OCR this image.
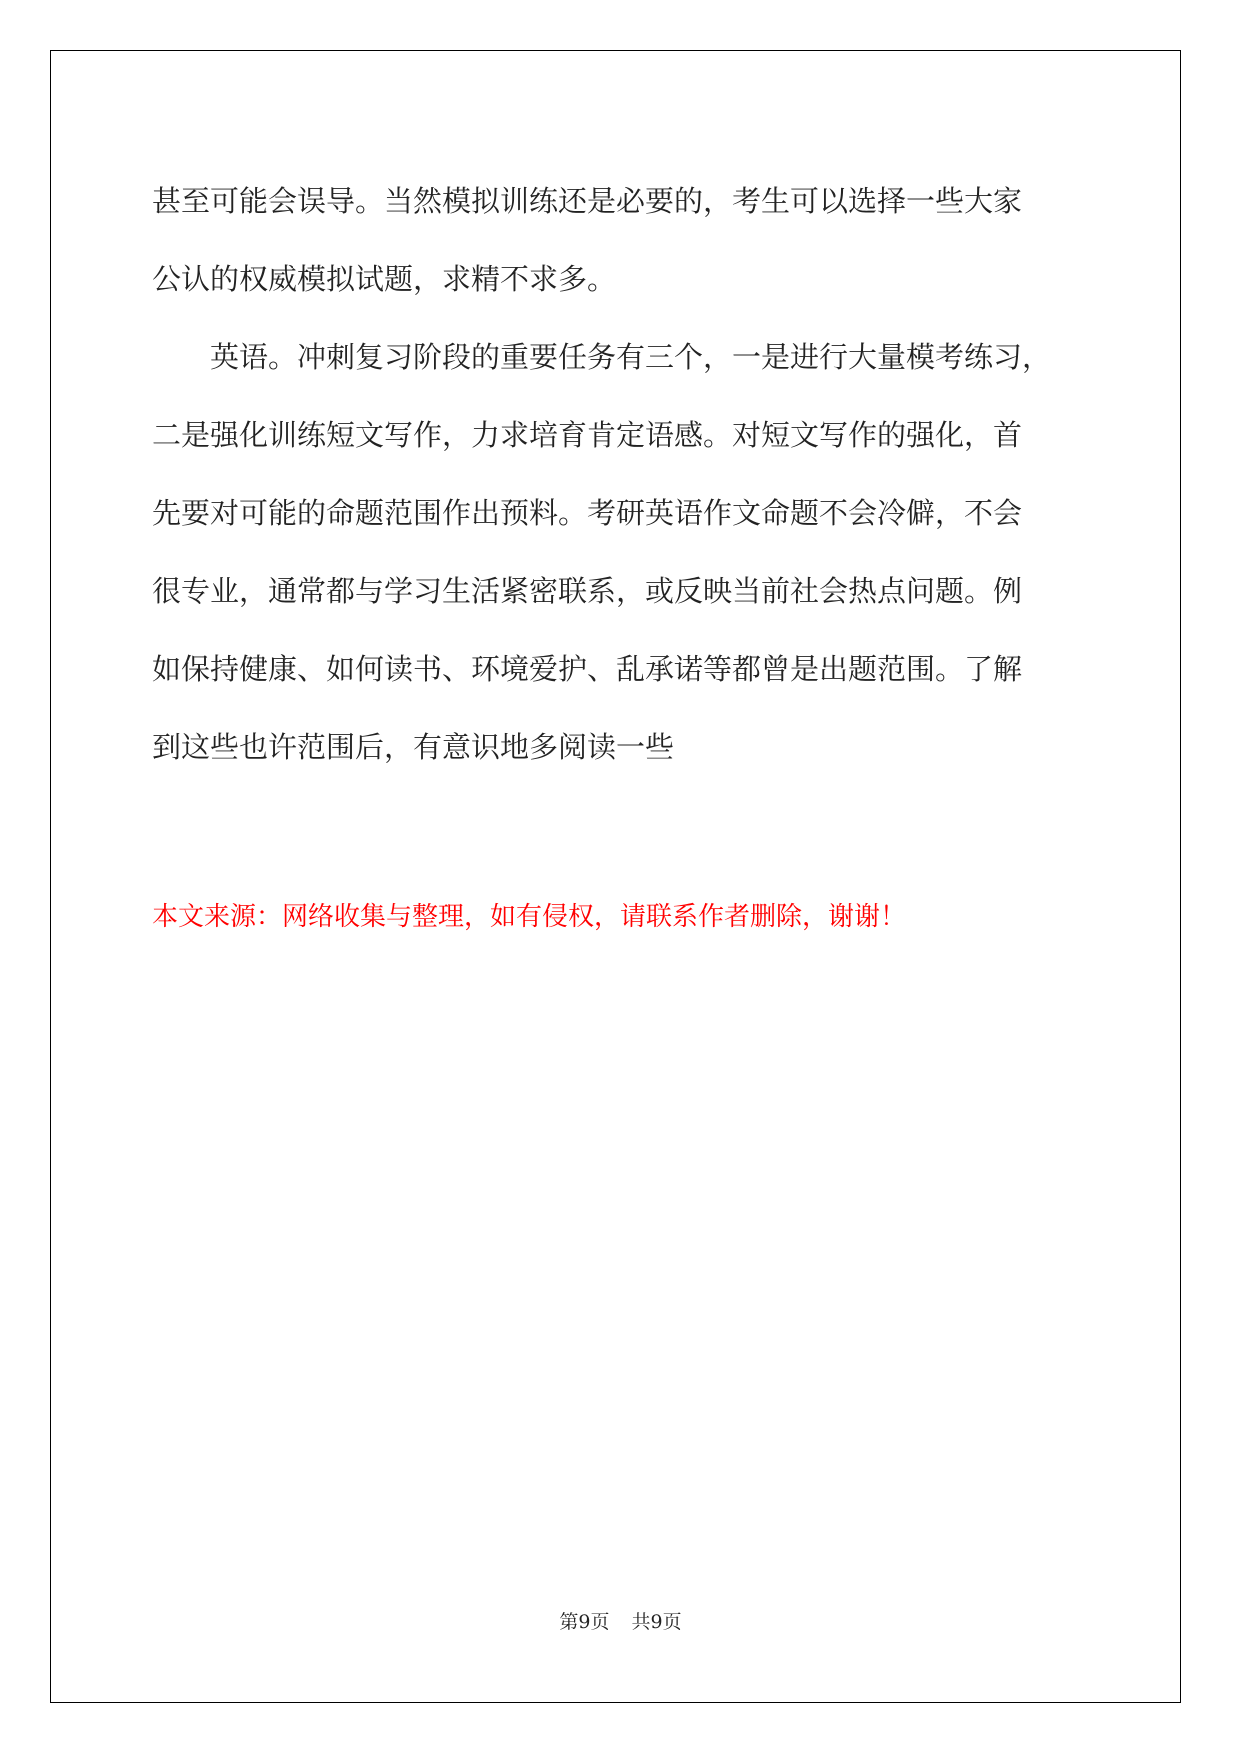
甚至可能会误导。当然模拟训练还是必要的，考生可以选择一些大家
公认的权威模拟试题，求精不求多。
英语。冲刺复习阶段的重要任务有三个，一是进行大量模考练习，
二是强化训练短文写作，力求培育肯定语感。对短文写作的强化，首
先要对可能的命题范围作出预料。考研英语作文命题不会冷僻，不会
很专业，通常都与学习生活紧密联系，或反映当前社会热点问题。例
如保持健康、如何读书、环境爱护、乱承诺等都曾是出题范围。了解
到这些也许范围后，有意识地多阅读一些
本文来源：网络收集与整理，如有侵权，请联系作者删除，谢谢！
第9页 共9页
